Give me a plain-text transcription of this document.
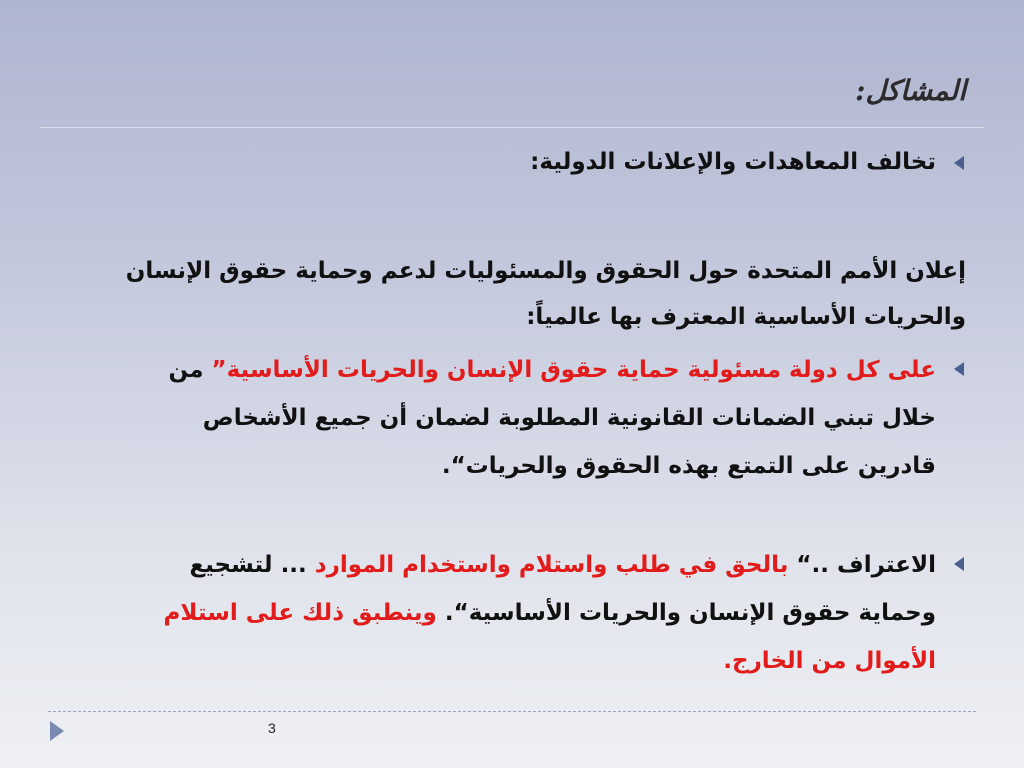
المشاكل:
تخالف المعاهدات والإعلانات الدولية:
إعلان الأمم المتحدة حول الحقوق والمسئوليات لدعم وحماية حقوق الإنسان
والحريات الأساسية المعترف بها عالمياً:
على كل دولة مسئولية حماية حقوق الإنسان والحريات الأساسية” من
خلال تبني الضمانات القانونية المطلوبة لضمان أن جميع الأشخاص
قادرين على التمتع بهذه الحقوق والحريات“.
الاعتراف ..“ بالحق في طلب واستلام واستخدام الموارد ... لتشجيع
وحماية حقوق الإنسان والحريات الأساسية“. وينطبق ذلك على استلام
الأموال من الخارج.
3
